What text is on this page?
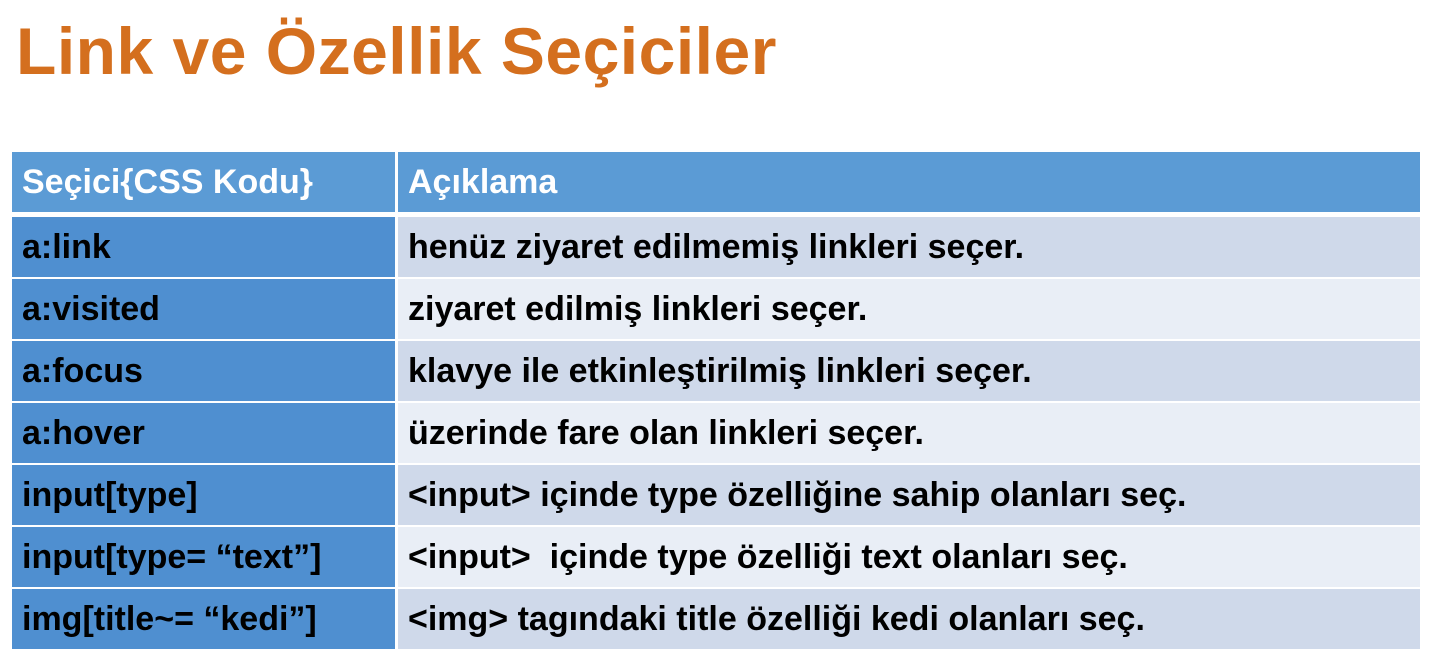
Link ve Özellik Seçiciler
Seçici{CSS Kodu}	Açıklama
a:link	henüz ziyaret edilmemiş linkleri seçer.
a:visited	ziyaret edilmiş linkleri seçer.
a:focus	klavye ile etkinleştirilmiş linkleri seçer.
a:hover	üzerinde fare olan linkleri seçer.
input[type]	<input> içinde type özelliğine sahip olanları seç.
input[type= “text”]	<input>  içinde type özelliği text olanları seç.
img[title~= “kedi”]	<img> tagındaki title özelliği kedi olanları seç.
